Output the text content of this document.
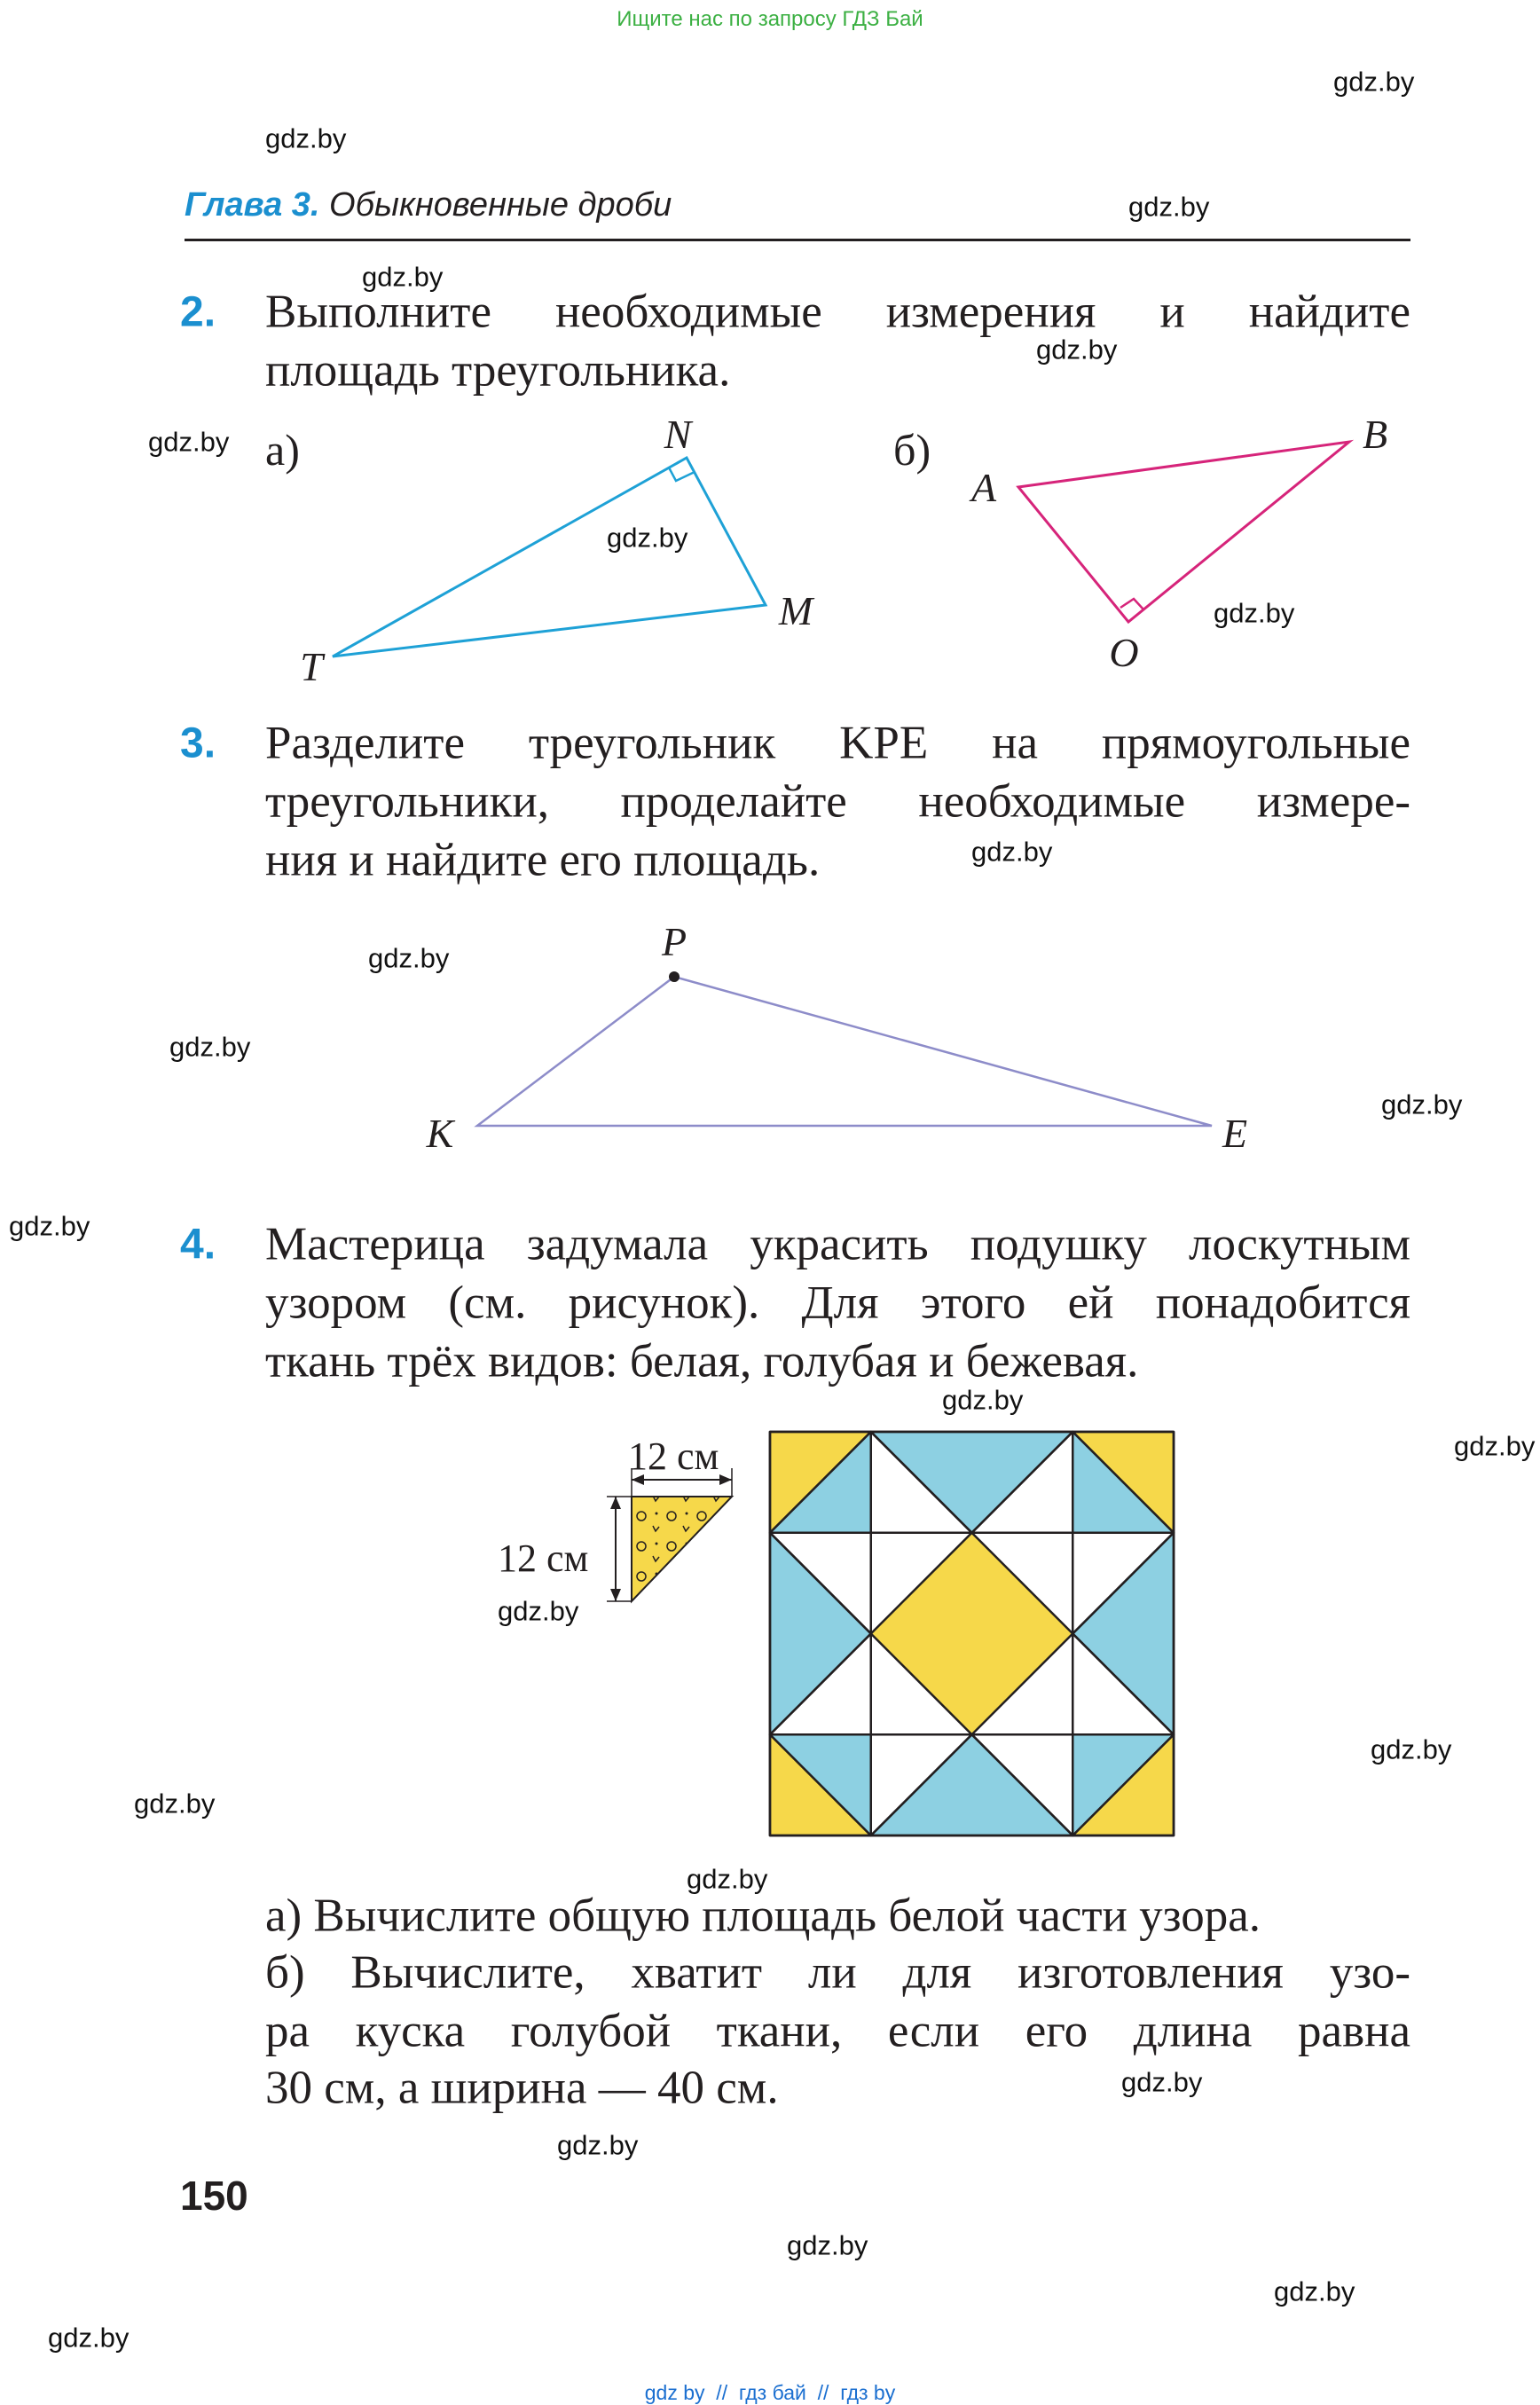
Ищите нас по запросу ГДЗ Бай
Глава 3. Обыкновенные дроби
2. Выполните необходимые измерения и найдите
площадь треугольника.
а)	б)
N
M
T
B
A
O
3. Разделите треугольник KPE на прямоугольные
треугольники, проделайте необходимые измере-
ния и найдите его площадь.
P
K	E
4. Мастерица задумала украсить подушку лоскутным
узором (см. рисунок). Для этого ей понадобится
ткань трёх видов: белая, голубая и бежевая.
12 см
12 см
а) Вычислите общую площадь белой части узора.
б) Вычислите, хватит ли для изготовления узо-
ра куска голубой ткани, если его длина равна
30 см, а ширина — 40 см.
150
gdz.by
gdz.by
gdz.by
gdz.by
gdz.by
gdz.by
gdz.by
gdz.by
gdz.by
gdz.by
gdz.by
gdz.by
gdz.by
gdz.by
gdz.by
gdz.by
gdz.by
gdz.by
gdz.by
gdz.by
gdz.by
gdz.by
gdz.by
gdz.by
gdz by  //  гдз бай  //  гдз by
